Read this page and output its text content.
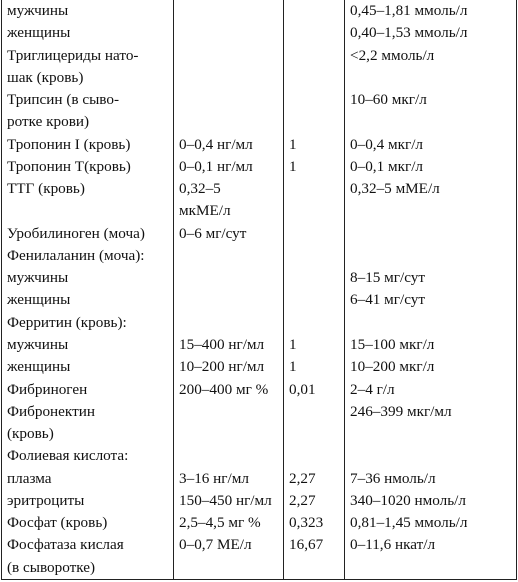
мужчины			0,45–1,81 ммоль/л
женщины			0,40–1,53 ммоль/л
Триглицериды нато-			<2,2 ммоль/л
шак (кровь)			
Трипсин (в сыво-			10–60 мкг/л
ротке крови)			
Тропонин I (кровь)	0–0,4 нг/мл	1	0–0,4 мкг/л
Тропонин T(кровь)	0–0,1 нг/мл	1	0–0,1 мкг/л
ТТГ (кровь)	0,32–5		0,32–5 мМЕ/л
	мкМЕ/л		
Уробилиноген (моча)	0–6 мг/сут		
Фенилаланин (моча):			
мужчины			8–15 мг/сут
женщины			6–41 мг/сут
Ферритин (кровь):			
мужчины	15–400 нг/мл	1	15–100 мкг/л
женщины	10–200 нг/мл	1	10–200 мкг/л
Фибриноген	200–400 мг %	0,01	2–4 г/л
Фибронектин			246–399 мкг/мл
(кровь)			
Фолиевая кислота:			
плазма	3–16 нг/мл	2,27	7–36 нмоль/л
эритроциты	150–450 нг/мл	2,27	340–1020 нмоль/л
Фосфат (кровь)	2,5–4,5 мг %	0,323	0,81–1,45 ммоль/л
Фосфатаза кислая	0–0,7 МЕ/л	16,67	0–11,6 нкат/л
(в сыворотке)			
